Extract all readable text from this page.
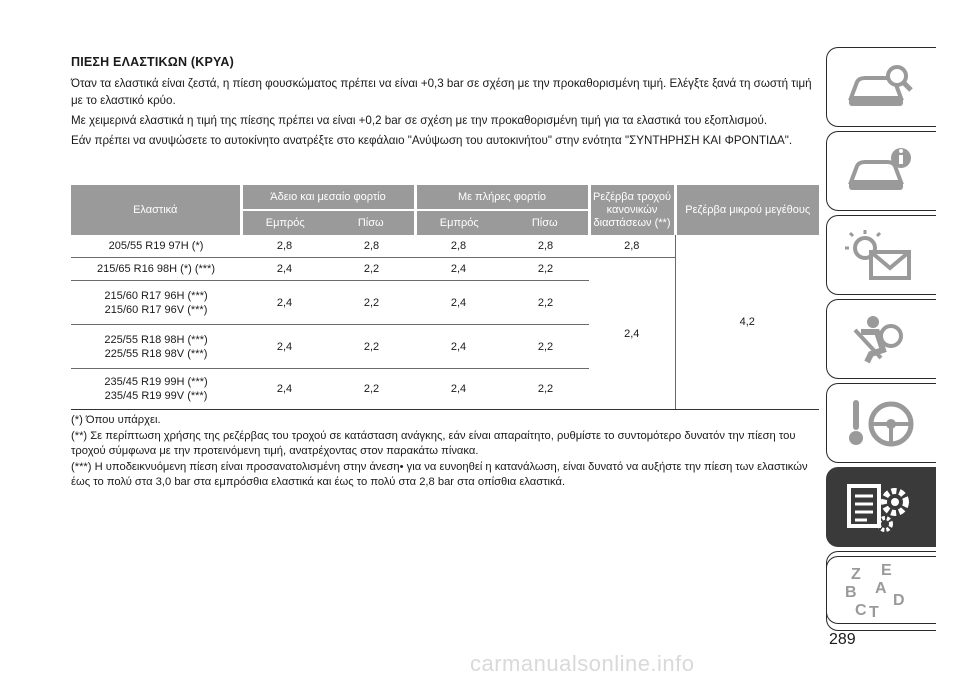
ΠΙΕΣΗ ΕΛΑΣΤΙΚΩΝ (ΚΡΥΑ)

Όταν τα ελαστικά είναι ζεστά, η πίεση φουσκώματος πρέπει να είναι +0,3 bar σε σχέση με την προκαθορισμένη τιμή. Ελέγξτε ξανά τη σωστή τιμή με το ελαστικό κρύο.

Με χειμερινά ελαστικά η τιμή της πίεσης πρέπει να είναι +0,2 bar σε σχέση με την προκαθορισμένη τιμή για τα ελαστικά του εξοπλισμού.

Εάν πρέπει να ανυψώσετε το αυτοκίνητο ανατρέξτε στο κεφάλαιο "Ανύψωση του αυτοκινήτου" στην ενότητα "ΣΥΝΤΗΡΗΣΗ ΚΑΙ ΦΡΟΝΤΙΔΑ".

Ελαστικά	Άδειο και μεσαίο φορτίο		Με πλήρες φορτίο		Ρεζέρβα τροχού κανονικών διαστάσεων (**)	Ρεζέρβα μικρού μεγέθους
	Εμπρός	Πίσω	Εμπρός	Πίσω		
205/55 R19 97H (*)	2,8	2,8	2,8	2,8	2,8	4,2
215/65 R16 98H (*) (***)	2,4	2,2	2,4	2,2	2,4	
215/60 R17 96H (***)
215/60 R17 96V (***)	2,4	2,2	2,4	2,2		
225/55 R18 98H (***)
225/55 R18 98V (***)	2,4	2,2	2,4	2,2		
235/45 R19 99H (***)
235/45 R19 99V (***)	2,4	2,2	2,4	2,2		

(*) Όπου υπάρχει.

(**) Σε περίπτωση χρήσης της ρεζέρβας του τροχού σε κατάσταση ανάγκης, εάν είναι απαραίτητο, ρυθμίστε το συντομότερο δυνατόν την πίεση του τροχού σύμφωνα με την προτεινόμενη τιμή, ανατρέχοντας στον παρακάτω πίνακα.

(***) Η υποδεικνυόμενη πίεση είναι προσανατολισμένη στην άνεση• για να ευνοηθεί η κατανάλωση, είναι δυνατό να αυξήστε την πίεση των ελαστικών έως το πολύ στα 3,0 bar στα εμπρόσθια ελαστικά και έως το πολύ στα 2,8 bar στα οπίσθια ελαστικά.

Z E
A
B
C T
D
289
carmanualsonline.info
